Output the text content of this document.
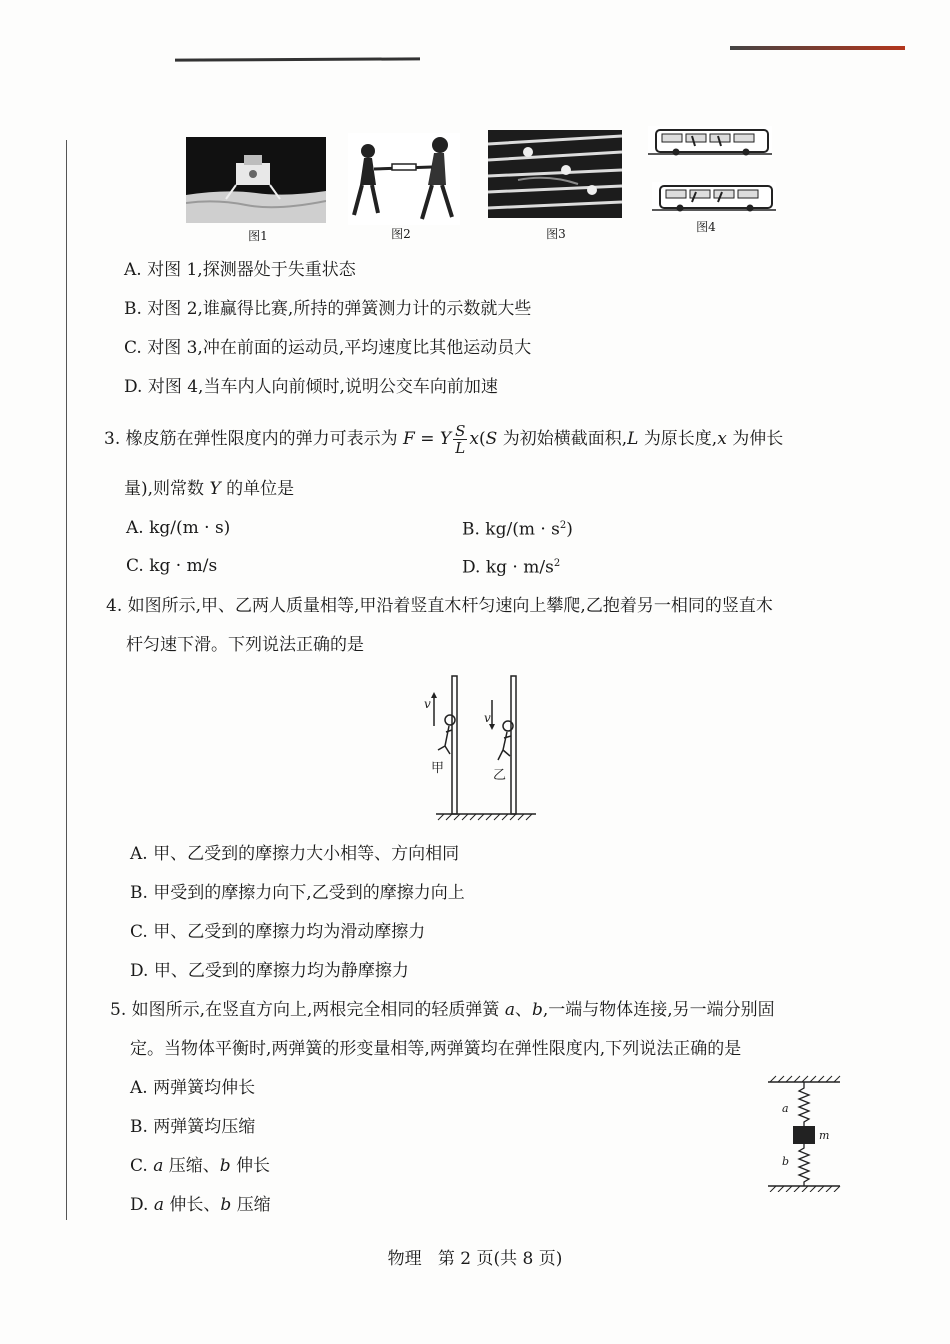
图1	图2	图3	图4
A. 对图 1,探测器处于失重状态
B. 对图 2,谁赢得比赛,所持的弹簧测力计的示数就大些
C. 对图 3,冲在前面的运动员,平均速度比其他运动员大
D. 对图 4,当车内人向前倾时,说明公交车向前加速
3. 橡皮筋在弹性限度内的弹力可表示为 F = Y $\frac{S}{L} x(S$ 为初始横截面积,L 为原长度,x 为伸长
量),则常数 Y 的单位是
A. kg/(m · s)	B. $kg/(m \cdot s^2)$
C. kg · m/s	D. kg · $m/s^2$
4. 如图所示,甲、乙两人质量相等,甲沿着竖直木杆匀速向上攀爬,乙抱着另一相同的竖直木
杆匀速下滑。下列说法正确的是
v
v
甲	乙
A. 甲、乙受到的摩擦力大小相等、方向相同
B. 甲受到的摩擦力向下,乙受到的摩擦力向上
C. 甲、乙受到的摩擦力均为滑动摩擦力
D. 甲、乙受到的摩擦力均为静摩擦力
5. 如图所示,在竖直方向上,两根完全相同的轻质弹簧 a、b,一端与物体连接,另一端分别固
定。当物体平衡时,两弹簧的形变量相等,两弹簧均在弹性限度内,下列说法正确的是
A. 两弹簧均伸长
B. 两弹簧均压缩
C. a 压缩、b 伸长
D. a 伸长、b 压缩
a
m
b
物理   第 2 页(共 8 页)
